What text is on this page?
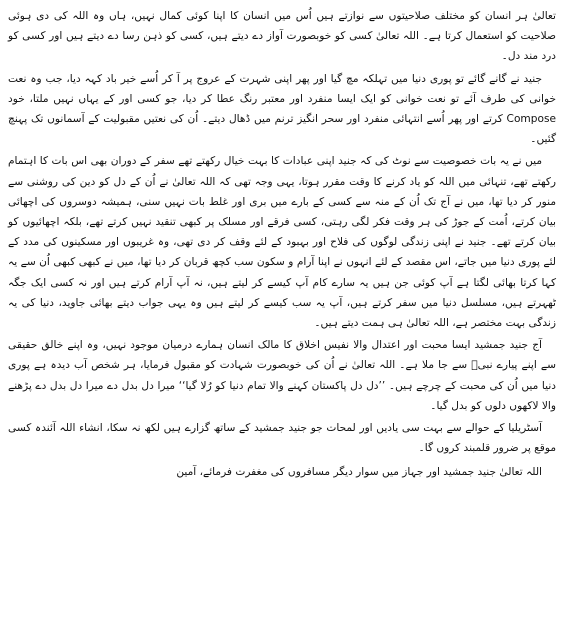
تعالیٰ ہر انسان کو مختلف صلاحیتوں سے نوازتے ہیں اُس میں انسان کا اپنا کوئی کمال نہیں، ہاں وہ اللہ کی دی ہوئی صلاحیت کو استعمال کرتا ہے۔ اللہ تعالیٰ کسی کو خوبصورت آواز دے دیتے ہیں، کسی کو ذہن رسا دے دیتے ہیں اور کسی کو درد مند دل۔

جنید نے گانے گائے تو پوری دنیا میں تہلکہ مچ گیا اور پھر اپنی شہرت کے عروج پر آ کر اُسے خیر باد کہہ دیا، جب وہ نعت خوانی کی طرف آئے تو نعت خوانی کو ایک ایسا منفرد اور معتبر رنگ عطا کر دیا، جو کسی اور کے یہاں نہیں ملتا، خود Compose کرتے اور پھر اُسے انتہائی منفرد اور سحر انگیز ترنم میں ڈھال دیتے۔ اُن کی نعتیں مقبولیت کے آسمانوں تک پہنچ گئیں۔

میں نے یہ بات خصوصیت سے نوٹ کی کہ جنید اپنی عبادات کا بہت خیال رکھتے تھے سفر کے دوران بھی اس بات کا اہتمام رکھتے تھے، تنہائی میں اللہ کو یاد کرنے کا وقت مقرر ہوتا، یہی وجہ تھی کہ اللہ تعالیٰ نے اُن کے دل کو دین کی روشنی سے منور کر دیا تھا، میں نے آج تک اُن کے منہ سے کسی کے بارے میں بری اور غلط بات نہیں سنی، ہمیشہ دوسروں کی اچھائی بیان کرتے، اُمت کے جوڑ کی ہر وقت فکر لگی رہتی، کسی فرقے اور مسلک پر کبھی تنقید نہیں کرتے تھے، بلکہ اچھائیوں کو بیان کرتے تھے۔ جنید نے اپنی زندگی لوگوں کی فلاح اور بہبود کے لئے وقف کر دی تھی، وہ غریبوں اور مسکینوں کی مدد کے لئے پوری دنیا میں جاتے، اس مقصد کے لئے انہوں نے اپنا آرام و سکون سب کچھ قربان کر دیا تھا، میں نے کبھی کبھی اُن سے یہ کہا کرتا بھائی لگتا ہے آپ کوئی جن ہیں یہ سارے کام آپ کیسے کر لیتے ہیں، نہ آپ آرام کرتے ہیں اور نہ کسی ایک جگہ ٹھہرتے ہیں، مسلسل دنیا میں سفر کرتے ہیں، آپ یہ سب کیسے کر لیتے ہیں وہ یہی جواب دیتے بھائی جاوید، دنیا کی یہ زندگی بہت مختصر ہے، اللہ تعالیٰ ہی ہمت دیتے ہیں۔

آج جنید جمشید ایسا محبت اور اعتدال والا نفیس اخلاق کا مالک انسان ہمارے درمیان موجود نہیں، وہ اپنے خالق حقیقی سے اپنے پیارے نبیؐ سے جا ملا ہے۔ اللہ تعالیٰ نے اُن کی خوبصورت شہادت کو مقبول فرمایا، ہر شخص آب دیدہ ہے پوری دنیا میں اُن کی محبت کے چرچے ہیں۔ ’’دل دل پاکستان کہنے والا تمام دنیا کو رُلا گیا‘‘ میرا دل بدل دے میرا دل بدل دے پڑھنے والا لاکھوں دلوں کو بدل گیا۔

آسٹریلیا کے حوالے سے بہت سی یادیں اور لمحات جو جنید جمشید کے ساتھ گزارے ہیں لکھ نہ سکا، انشاء اللہ آئندہ کسی موقع پر ضرور قلمبند کروں گا۔

اللہ تعالیٰ جنید جمشید اور جہاز میں سوار دیگر مسافروں کی مغفرت فرمائے، آمین
